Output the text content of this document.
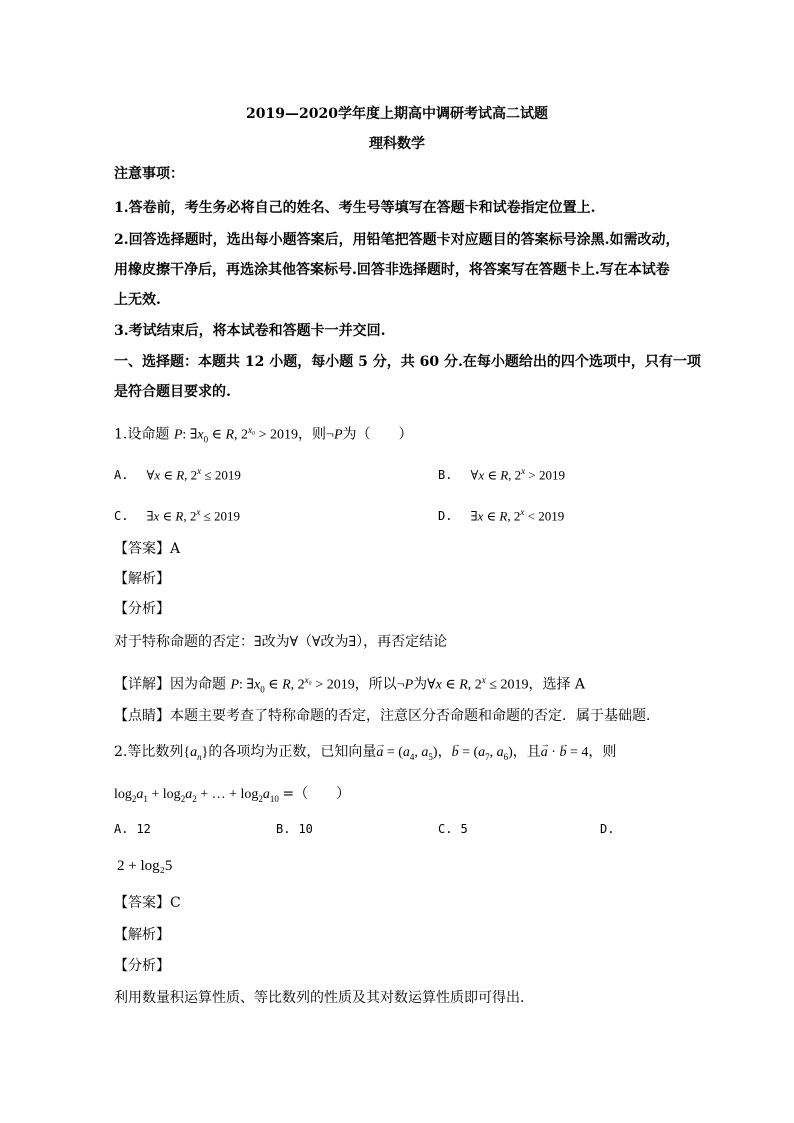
2019—2020学年度上期高中调研考试高二试题
理科数学
注意事项：
1.答卷前，考生务必将自己的姓名、考生号等填写在答题卡和试卷指定位置上.
2.回答选择题时，选出每小题答案后，用铅笔把答题卡对应题目的答案标号涂黑.如需改动，
用橡皮擦干净后，再选涂其他答案标号.回答非选择题时，将答案写在答题卡上.写在本试卷
上无效.
3.考试结束后，将本试卷和答题卡一并交回.
一、选择题：本题共 12 小题，每小题 5 分，共 60 分.在每小题给出的四个选项中，只有一项
是符合题目要求的.
1.设命题 P: $\exists x_0$ ∈ R, $2^{x_0} > 2019$，则¬P为（　　）
A. ∀x ∈ R, $2^x \le 2019$	B. ∀x ∈ R, $2^x > 2019$
C. ∃x ∈ R, $2^x \le 2019$	D. ∃x ∈ R, $2^x < 2019$
【答案】A
【解析】
【分析】
对于特称命题的否定：∃改为∀（∀改为∃），再否定结论
【详解】因为命题 P: $\exists x_0$ ∈ R, $2^{x_0} > 2019$，所以¬P为∀x ∈ R, $2^x \le 2019$，选择 A
【点睛】本题主要考查了特称命题的否定，注意区分否命题和命题的否定．属于基础题．
2.等比数列$\{a_n\}$的各项均为正数，已知向量→ $a = (a_4$, $a_5$)，→ $b = (a_7$, $a_6$)，且→ a · → b = 4，则
$\log_2a_1 + \log_2a_2$ + … + $\log_2a_{10}$ =（　　）
A. 12	B. 10	C. 5	D.
2 + log₂5
【答案】C
【解析】
【分析】
利用数量积运算性质、等比数列的性质及其对数运算性质即可得出.
